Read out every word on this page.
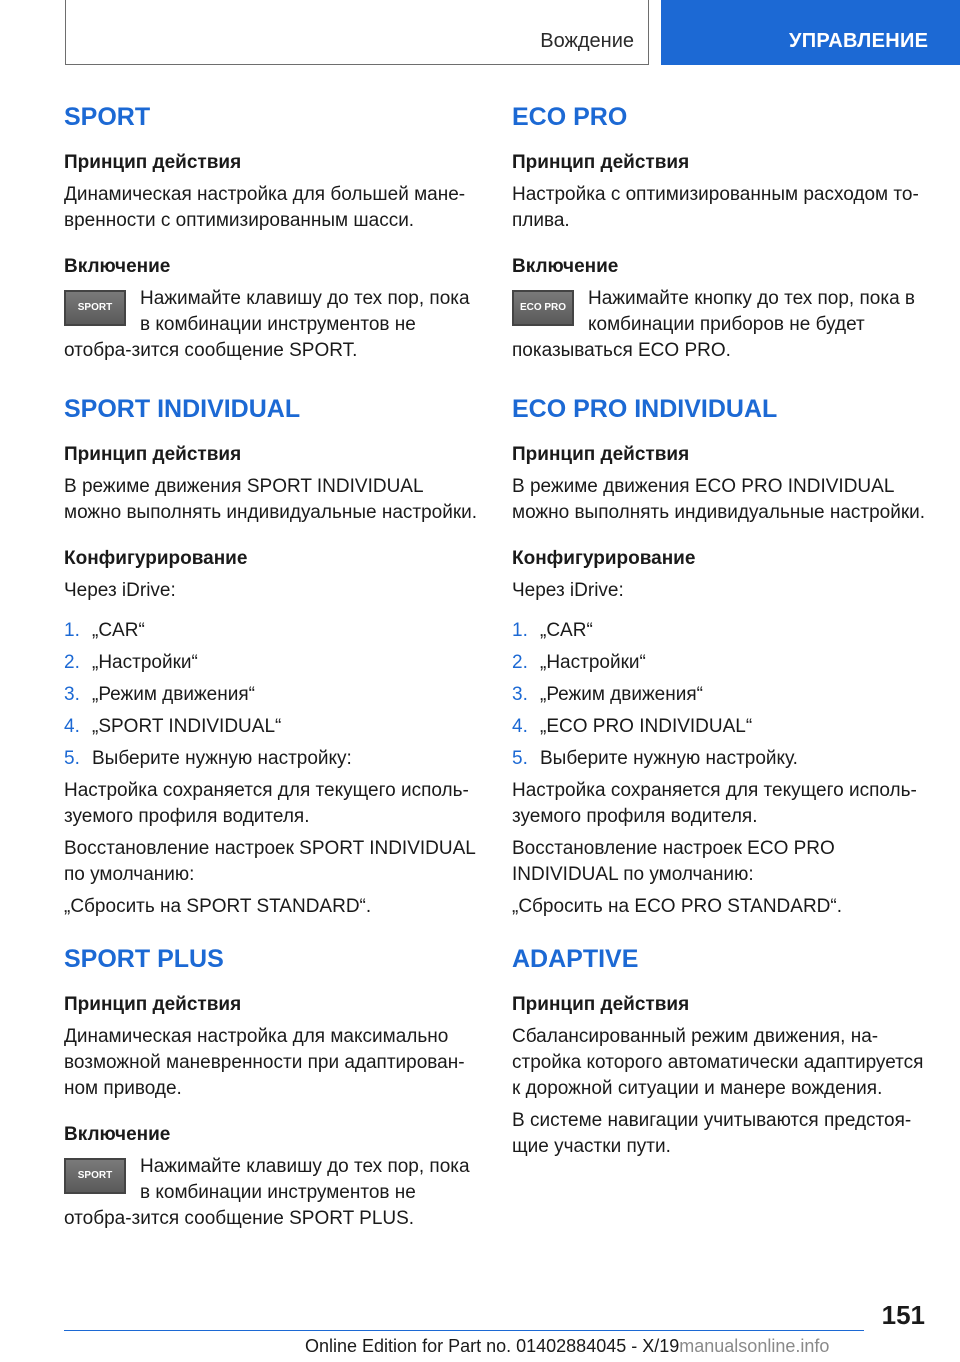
Вождение	УПРАВЛЕНИЕ
SPORT
Принцип действия

Динамическая настройка для большей мане-вренности с оптимизированным шасси.

Включение
SPORT	Нажимайте клавишу до тех пор, пока в комбинации инструментов не отобра-зится сообщение SPORT.
SPORT INDIVIDUAL
Принцип действия

В режиме движения SPORT INDIVIDUAL можно выполнять индивидуальные настройки.

Конфигурирование

Через iDrive:

1. „CAR“
2. „Настройки“
3. „Режим движения“
4. „SPORT INDIVIDUAL“
5. Выберите нужную настройку:

Настройка сохраняется для текущего исполь-зуемого профиля водителя.

Восстановление настроек SPORT INDIVIDUAL по умолчанию:

„Сбросить на SPORT STANDARD“.

SPORT PLUS
Принцип действия

Динамическая настройка для максимально возможной маневренности при адаптирован-ном приводе.

Включение
SPORT	Нажимайте клавишу до тех пор, пока в комбинации инструментов не отобра-зится сообщение SPORT PLUS.
ECO PRO
Принцип действия

Настройка с оптимизированным расходом то-плива.

Включение
ECO PRO	Нажимайте кнопку до тех пор, пока в комбинации приборов не будет показываться ECO PRO.
ECO PRO INDIVIDUAL
Принцип действия

В режиме движения ECO PRO INDIVIDUAL можно выполнять индивидуальные настройки.

Конфигурирование

Через iDrive:

1. „CAR“
2. „Настройки“
3. „Режим движения“
4. „ECO PRO INDIVIDUAL“
5. Выберите нужную настройку.

Настройка сохраняется для текущего исполь-зуемого профиля водителя.

Восстановление настроек ECO PRO INDIVIDUAL по умолчанию:

„Сбросить на ECO PRO STANDARD“.

ADAPTIVE
Принцип действия

Сбалансированный режим движения, на-стройка которого автоматически адаптируется к дорожной ситуации и манере вождения.

В системе навигации учитываются предстоя-щие участки пути.

151
Online Edition for Part no. 01402884045 - X/19manualsonline.info
